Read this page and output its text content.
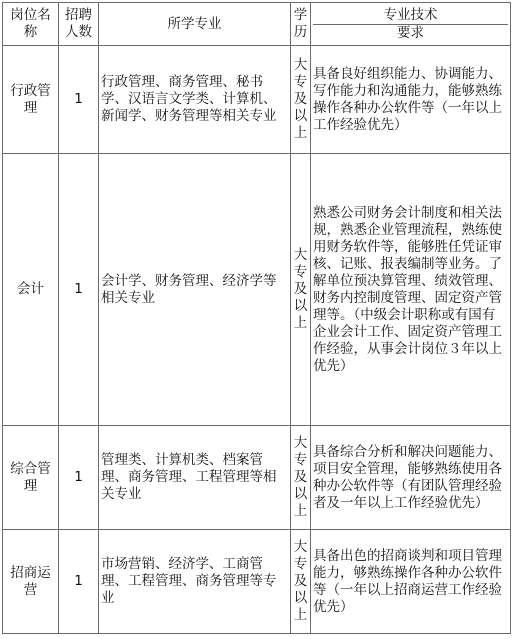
岗位名称	招聘人数	所学专业	学历	专业技术
要求

行政管理	1	行政管理、商务管理、秘书学、汉语言文学类、计算机、新闻学、财务管理等相关专业	大专及以上	具备良好组织能力、协调能力、写作能力和沟通能力，能够熟练操作各种办公软件等（一年以上工作经验优先）
会计	1	会计学、财务管理、经济学等相关专业	大专及以上	熟悉公司财务会计制度和相关法规，熟悉企业管理流程，熟练使用财务软件等，能够胜任凭证审核、记账、报表编制等业务。了解单位预决算管理、绩效管理、财务内控制度管理、固定资产管理等。（中级会计职称或有国有企业会计工作、固定资产管理工作经验，从事会计岗位３年以上优先）
综合管理	1	管理类、计算机类、档案管理、商务管理、工程管理等相关专业	大专及以上	具备综合分析和解决问题能力、项目安全管理，能够熟练使用各种办公软件等（有团队管理经验者及一年以上工作经验优先）
招商运营	1	市场营销、经济学、工商管理、工程管理、商务管理等专业	大专及以上	具备出色的招商谈判和项目管理能力，够熟练操作各种办公软件等（一年以上招商运营工作经验优先）
